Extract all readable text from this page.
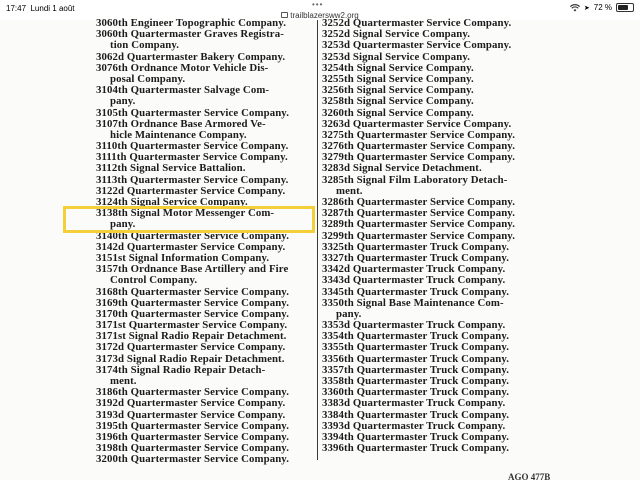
17:47 Lundi 1 août	•••
trailblazersww2.org
➤ 72 %
3060th Engineer Topographic Company.
3060th Quartermaster Graves Registra-
tion Company.
3062d Quartermaster Bakery Company.
3076th Ordnance Motor Vehicle Dis-
posal Company.
3104th Quartermaster Salvage Com-
pany.
3105th Quartermaster Service Company.
3107th Ordnance Base Armored Ve-
hicle Maintenance Company.
3110th Quartermaster Service Company.
3111th Quartermaster Service Company.
3112th Signal Service Battalion.
3113th Quartermaster Service Company.
3122d Quartermaster Service Company.
3124th Signal Service Company.
3138th Signal Motor Messenger Com-
pany.
3140th Quartermaster Service Company.
3142d Quartermaster Service Company.
3151st Signal Information Company.
3157th Ordnance Base Artillery and Fire
Control Company.
3168th Quartermaster Service Company.
3169th Quartermaster Service Company.
3170th Quartermaster Service Company.
3171st Quartermaster Service Company.
3171st Signal Radio Repair Detachment.
3172d Quartermaster Service Company.
3173d Signal Radio Repair Detachment.
3174th Signal Radio Repair Detach-
ment.
3186th Quartermaster Service Company.
3192d Quartermaster Service Company.
3193d Quartermaster Service Company.
3195th Quartermaster Service Company.
3196th Quartermaster Service Company.
3198th Quartermaster Service Company.
3200th Quartermaster Service Company.
3252d Quartermaster Service Company.
3252d Signal Service Company.
3253d Quartermaster Service Company.
3253d Signal Service Company.
3254th Signal Service Company.
3255th Signal Service Company.
3256th Signal Service Company.
3258th Signal Service Company.
3260th Signal Service Company.
3263d Quartermaster Service Company.
3275th Quartermaster Service Company.
3276th Quartermaster Service Company.
3279th Quartermaster Service Company.
3283d Signal Service Detachment.
3285th Signal Film Laboratory Detach-
ment.
3286th Quartermaster Service Company.
3287th Quartermaster Service Company.
3289th Quartermaster Service Company.
3299th Quartermaster Service Company.
3325th Quartermaster Truck Company.
3327th Quartermaster Truck Company.
3342d Quartermaster Truck Company.
3343d Quartermaster Truck Company.
3345th Quartermaster Truck Company.
3350th Signal Base Maintenance Com-
pany.
3353d Quartermaster Truck Company.
3354th Quartermaster Truck Company.
3355th Quartermaster Truck Company.
3356th Quartermaster Truck Company.
3357th Quartermaster Truck Company.
3358th Quartermaster Truck Company.
3360th Quartermaster Truck Company.
3383d Quartermaster Truck Company.
3384th Quartermaster Truck Company.
3393d Quartermaster Truck Company.
3394th Quartermaster Truck Company.
3396th Quartermaster Truck Company.
AGO 477B
